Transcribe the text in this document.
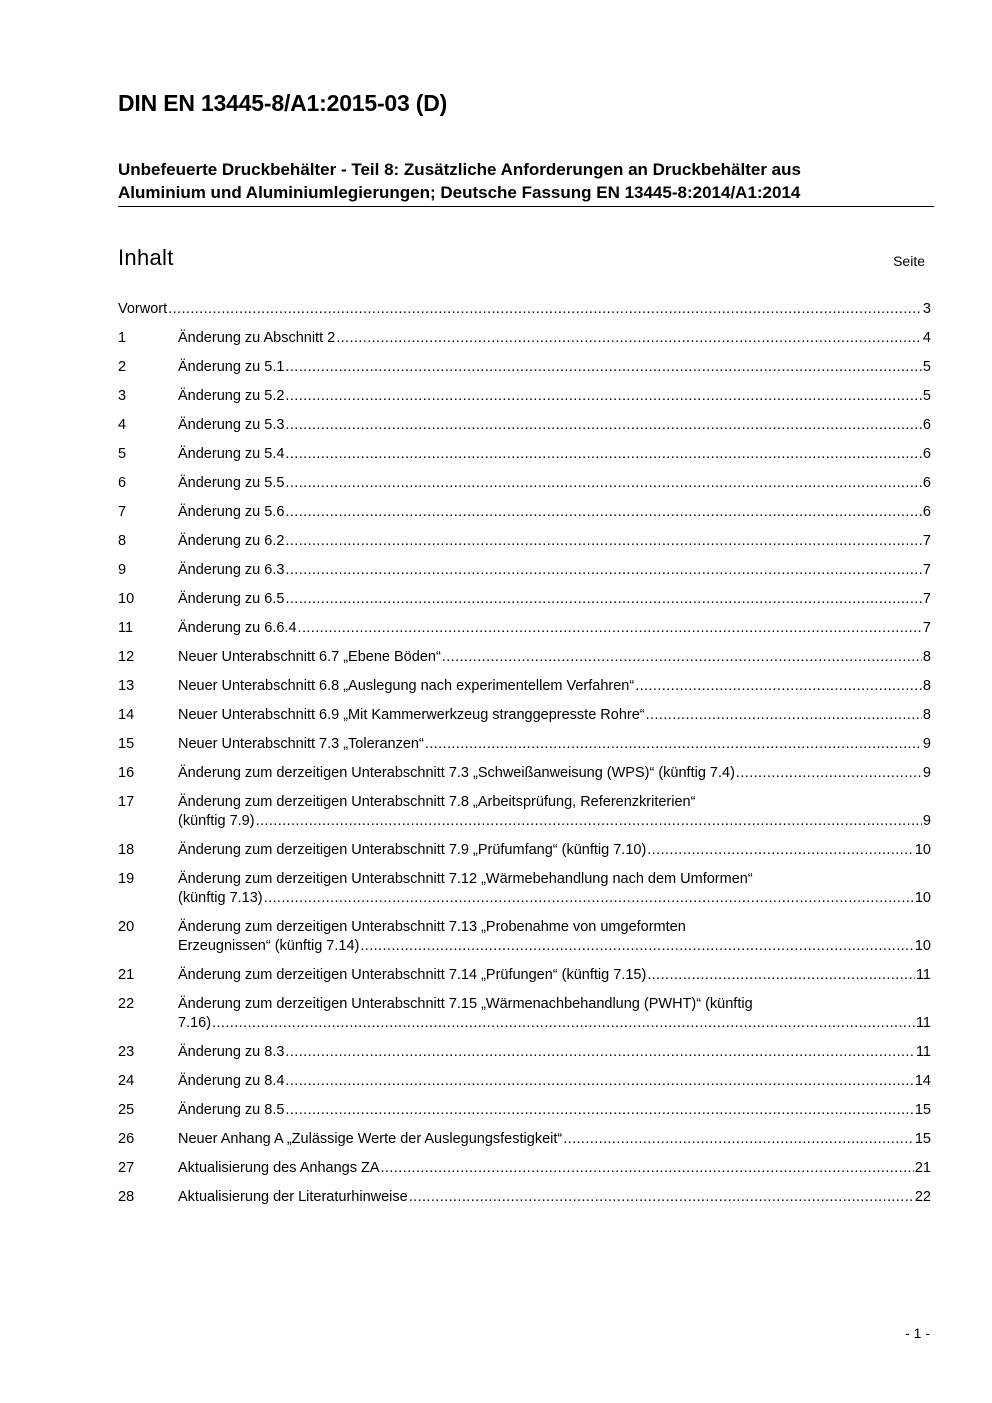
DIN EN 13445-8/A1:2015-03 (D)
Unbefeuerte Druckbehälter - Teil 8: Zusätzliche Anforderungen an Druckbehälter aus
Aluminium und Aluminiumlegierungen; Deutsche Fassung EN 13445-8:2014/A1:2014
Inhalt	Seite
Vorwort .....	3
1	Änderung zu Abschnitt 2 .....	4
2	Änderung zu 5.1 .....	5
3	Änderung zu 5.2 .....	5
4	Änderung zu 5.3 .....	6
5	Änderung zu 5.4 .....	6
6	Änderung zu 5.5 .....	6
7	Änderung zu 5.6 .....	6
8	Änderung zu 6.2 .....	7
9	Änderung zu 6.3 .....	7
10	Änderung zu 6.5 .....	7
11	Änderung zu 6.6.4 .....	7
12	Neuer Unterabschnitt 6.7 „Ebene Böden“ .....	8
13	Neuer Unterabschnitt 6.8 „Auslegung nach experimentellem Verfahren“ .....	8
14	Neuer Unterabschnitt 6.9 „Mit Kammerwerkzeug stranggepresste Rohre“ .....	8
15	Neuer Unterabschnitt 7.3 „Toleranzen“ .....	9
16	Änderung zum derzeitigen Unterabschnitt 7.3 „Schweißanweisung (WPS)“ (künftig 7.4) .....	9
17	Änderung zum derzeitigen Unterabschnitt 7.8 „Arbeitsprüfung, Referenzkriterien“
(künftig 7.9) .....	9
18	Änderung zum derzeitigen Unterabschnitt 7.9 „Prüfumfang“ (künftig 7.10) .....	10
19	Änderung zum derzeitigen Unterabschnitt 7.12 „Wärmebehandlung nach dem Umformen“
(künftig 7.13) .....	10
20	Änderung zum derzeitigen Unterabschnitt 7.13 „Probenahme von umgeformten
Erzeugnissen“ (künftig 7.14) .....	10
21	Änderung zum derzeitigen Unterabschnitt 7.14 „Prüfungen“ (künftig 7.15) .....	11
22	Änderung zum derzeitigen Unterabschnitt 7.15 „Wärmenachbehandlung (PWHT)“ (künftig
7.16) .....	11
23	Änderung zu 8.3 .....	11
24	Änderung zu 8.4 .....	14
25	Änderung zu 8.5 .....	15
26	Neuer Anhang A „Zulässige Werte der Auslegungsfestigkeit“ .....	15
27	Aktualisierung des Anhangs ZA .....	21
28	Aktualisierung der Literaturhinweise .....	22
- 1 -
